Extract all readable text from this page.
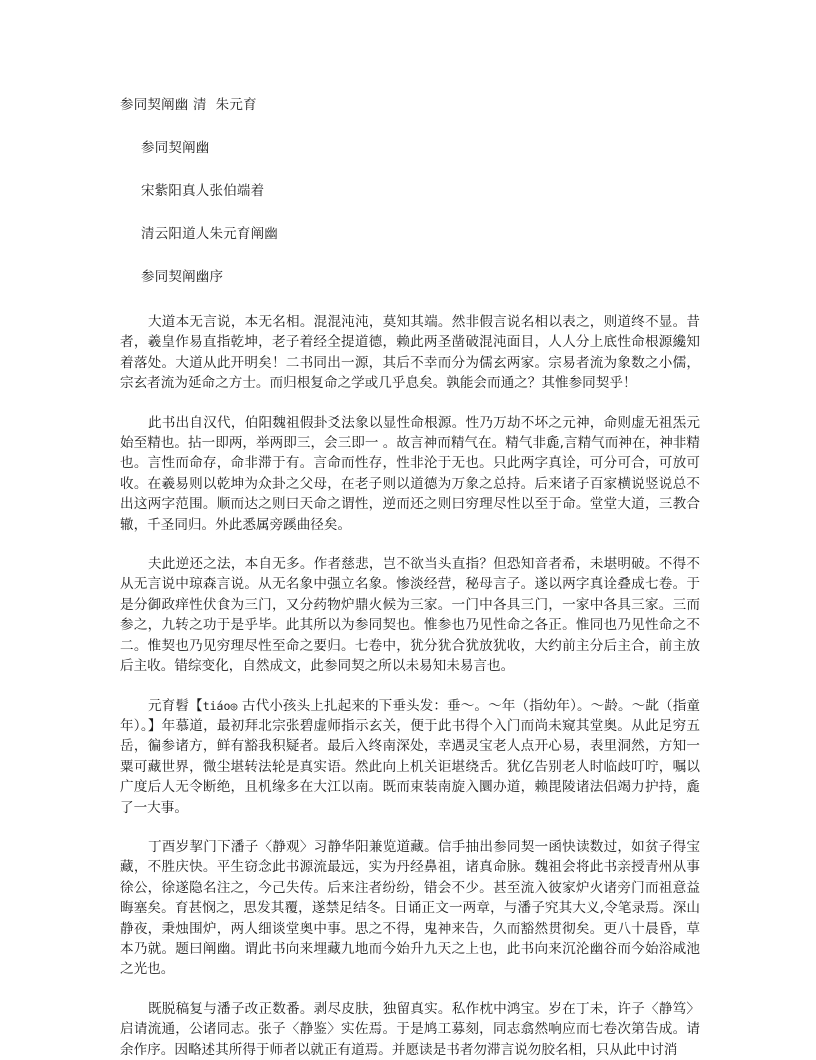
参同契阐幽 清  朱元育
参同契阐幽
宋紫阳真人张伯端着
清云阳道人朱元育阐幽
参同契阐幽序

大道本无言说，本无名相。混混沌沌，莫知其端。然非假言说名相以表之，则道终不显。昔者，羲皇作易直指乾坤，老子着经全提道德，赖此两圣凿破混沌面目，人人分上底性命根源纔知着落处。大道从此开明矣！二书同出一源，其后不幸而分为儒玄两家。宗易者流为象数之小儒，宗玄者流为延命之方士。而归根复命之学或几乎息矣。孰能会而通之？其惟参同契乎！

此书出自汉代，伯阳魏祖假卦爻法象以显性命根源。性乃万劫不坏之元神，命则虚无祖炁元始至精也。拈一即两，举两即三，会三即一 。故言神而精气在。精气非麁,言精气而神在，神非精也。言性而命存，命非滞于有。言命而性存，性非沦于无也。只此两字真诠，可分可合，可放可收。在羲易则以乾坤为众卦之父母，在老子则以道德为万象之总持。后来诸子百家横说竖说总不出这两字范围。顺而达之则曰天命之谓性，逆而还之则曰穷理尽性以至于命。堂堂大道，三教合辙，千圣同归。外此悉属旁蹊曲径矣。

夫此逆还之法，本自无多。作者慈悲，岂不欲当头直指？但恐知音者希，未堪明破。不得不从无言说中琼森言说。从无名象中强立名象。惨淡经营，秘母言子。遂以两字真诠叠成七卷。于是分御政痒性伏食为三门，又分药物炉鼎火候为三家。一门中各具三门，一家中各具三家。三而参之，九转之功于是乎毕。此其所以为参同契也。惟参也乃见性命之各正。惟同也乃见性命之不二。惟契也乃见穷理尽性至命之要归。七卷中，犹分犹合犹放犹收，大约前主分后主合，前主放后主收。错综变化，自然成文，此参同契之所以未易知未易言也。

元育髫【tiáo◎ 古代小孩头上扎起来的下垂头发：垂～。～年（指幼年）。～龄。～龀（指童年）。】年慕道，最初拜北宗张碧虚师指示玄关，便于此书得个入门而尚未窥其堂奥。从此足穷五岳，徧参诸方，鲜有豁我积疑者。最后入终南深处，幸遇灵宝老人点开心易，表里洞然，方知一粟可藏世界，微尘堪转法轮是真实语。然此向上机关讵堪绕舌。犹亿告别老人时临歧叮咛，嘱以广度后人无令断绝，且机缘多在大江以南。既而束装南旋入圜办道，赖毘陵诸法侣竭力护持，麁了一大事。

丁酉岁挈门下潘子〈静观〉习静华阳兼览道藏。信手抽出参同契一函快读数过，如贫子得宝藏，不胜庆快。平生窃念此书源流最远，实为丹经鼻祖，诸真命脉。魏祖会将此书亲授青州从事徐公，徐遂隐名注之，今己失传。后来注者纷纷，错会不少。甚至流入彼家炉火诸旁门而祖意益晦塞矣。育甚悯之，思发其覆，遂禁足结冬。日诵正文一两章，与潘子究其大义,令笔录焉。深山静夜，秉烛围炉，两人细谈堂奥中事。思之不得，鬼神来告，久而豁然贯彻矣。更八十晨昏，草本乃就。题曰阐幽。谓此书向来埋藏九地而今始升九天之上也，此书向来沉沦幽谷而今始浴咸池之光也。

既脱稿复与潘子改正数番。剥尽皮肤，独留真实。私作枕中鸿宝。岁在丁未，许子〈静笃〉启请流通，公诸同志。张子〈静鉴〉实佐焉。于是鸠工募刻，同志翕然响应而七卷次第告成。请余作序。因略述其所得于师者以就正有道焉。并愿读是书者勿滞言说勿胶名相，只从此中讨消
